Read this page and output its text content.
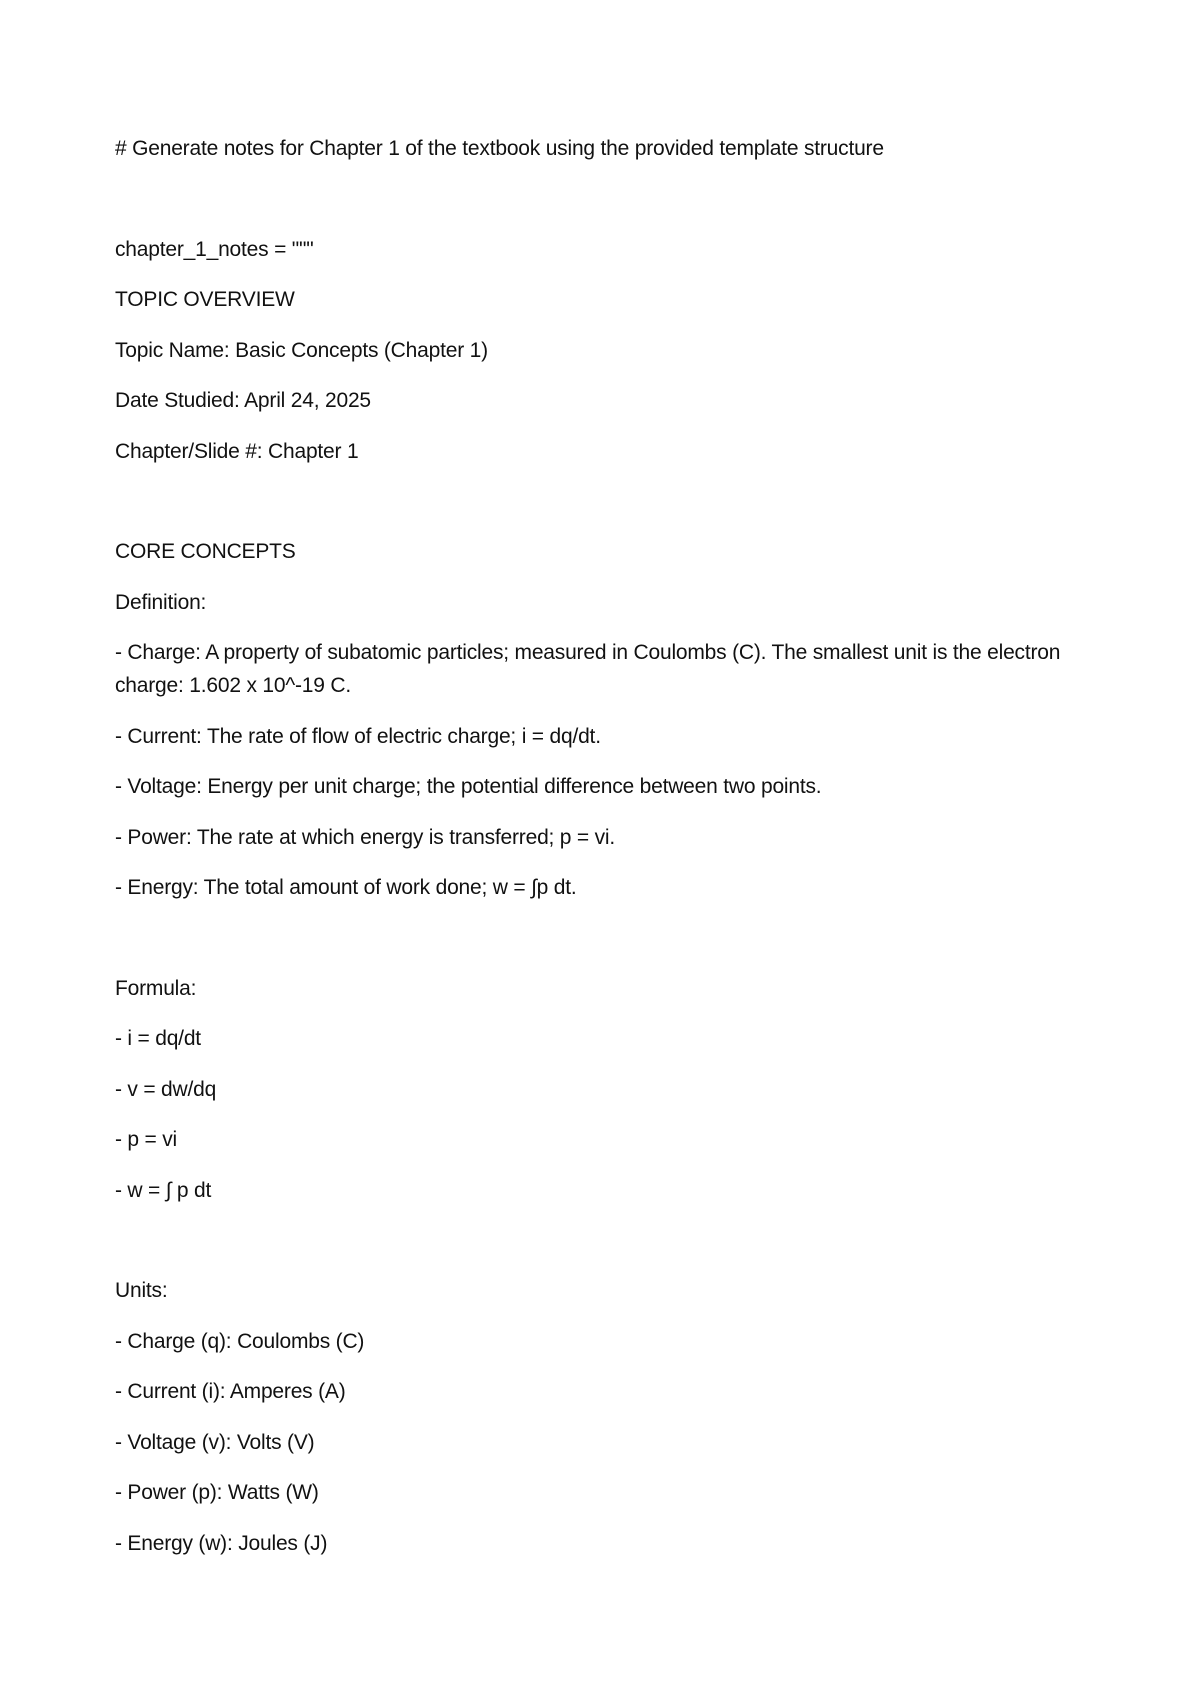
# Generate notes for Chapter 1 of the textbook using the provided template structure
chapter_1_notes = """
TOPIC OVERVIEW
Topic Name: Basic Concepts (Chapter 1)
Date Studied: April 24, 2025
Chapter/Slide #: Chapter 1
CORE CONCEPTS
Definition:
- Charge: A property of subatomic particles; measured in Coulombs (C). The smallest unit is the electron charge: 1.602 x 10^-19 C.
- Current: The rate of flow of electric charge; i = dq/dt.
- Voltage: Energy per unit charge; the potential difference between two points.
- Power: The rate at which energy is transferred; p = vi.
- Energy: The total amount of work done; w = ∫p dt.
Formula:
- i = dq/dt
- v = dw/dq
- p = vi
- w = ∫ p dt
Units:
- Charge (q): Coulombs (C)
- Current (i): Amperes (A)
- Voltage (v): Volts (V)
- Power (p): Watts (W)
- Energy (w): Joules (J)
